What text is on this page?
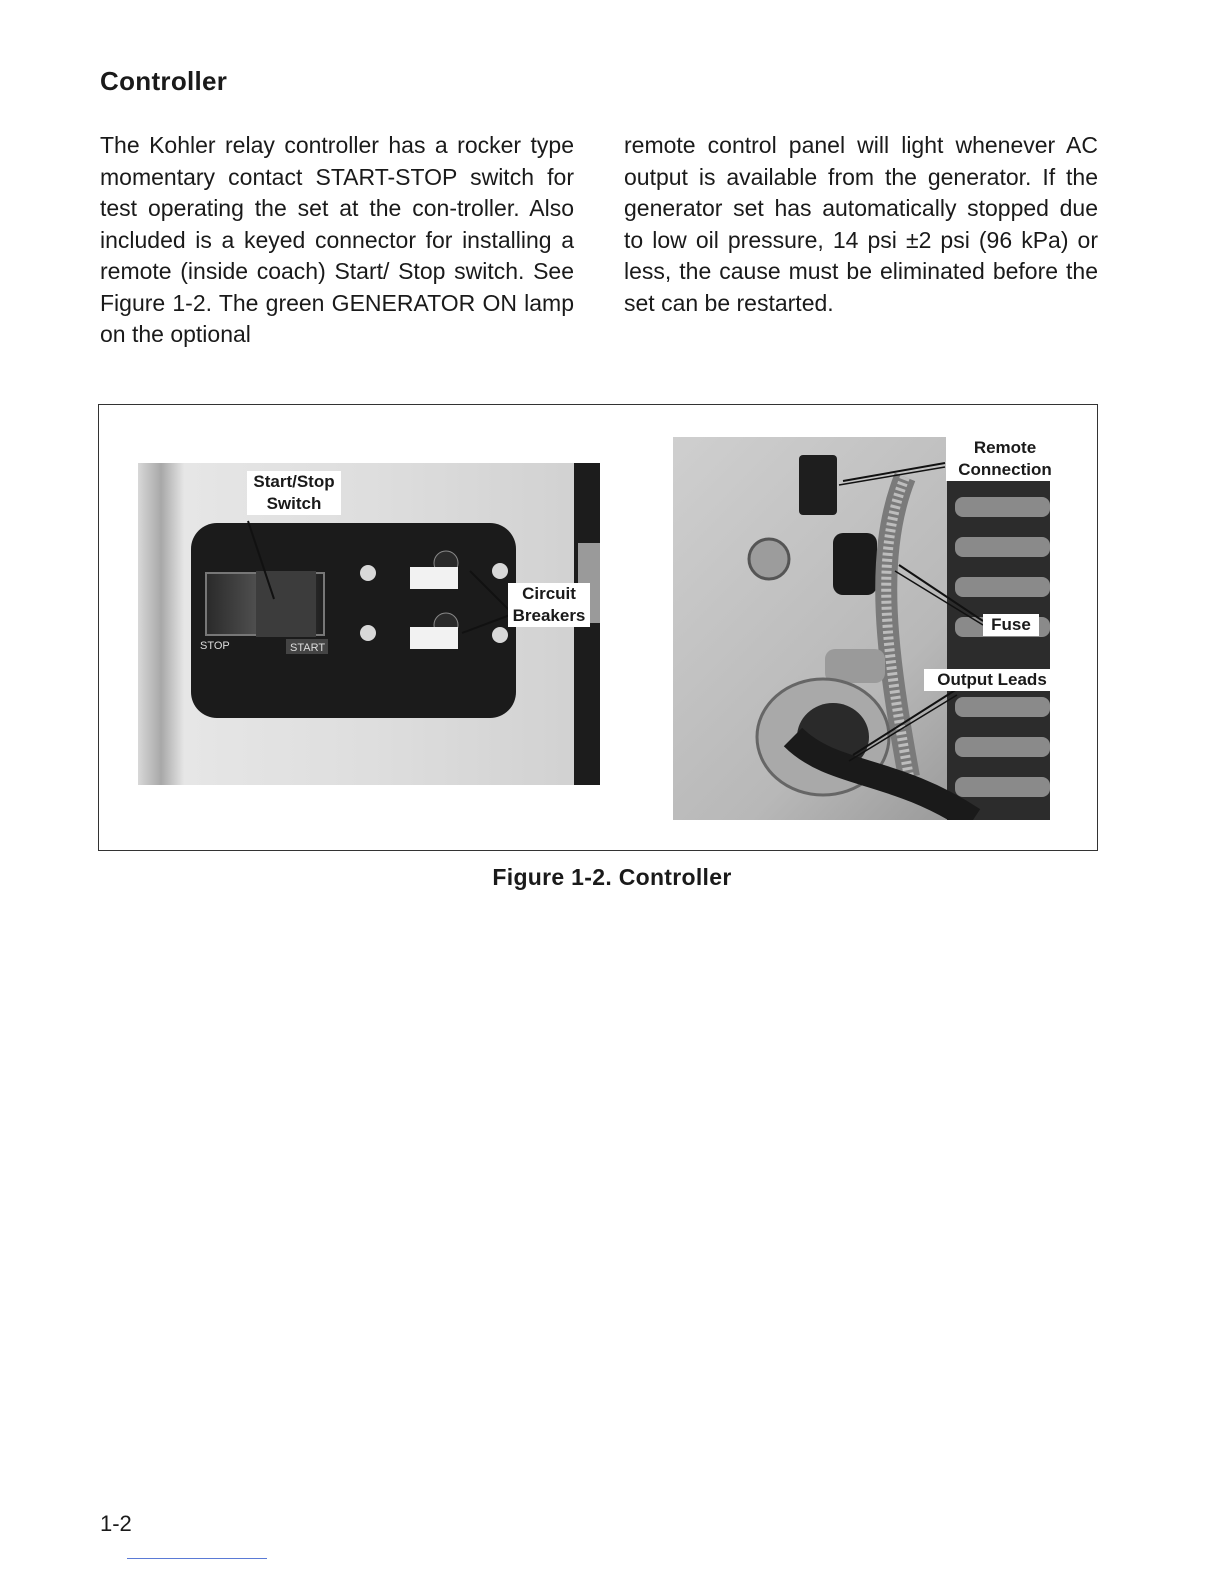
Controller
The Kohler relay controller has a rocker type momentary contact START-STOP switch for test operating the set at the con-troller. Also included is a keyed connector for installing a remote (inside coach) Start/ Stop switch. See Figure 1-2. The green GENERATOR ON lamp on the optional
remote control panel will light whenever AC output is available from the generator. If the generator set has automatically stopped due to low oil pressure, 14 psi ±2 psi (96 kPa) or less, the cause must be eliminated before the set can be restarted.
STOP	START
Start/Stop Switch
Circuit Breakers
Remote Connection
Fuse
Output Leads
Figure 1-2. Controller
1-2
